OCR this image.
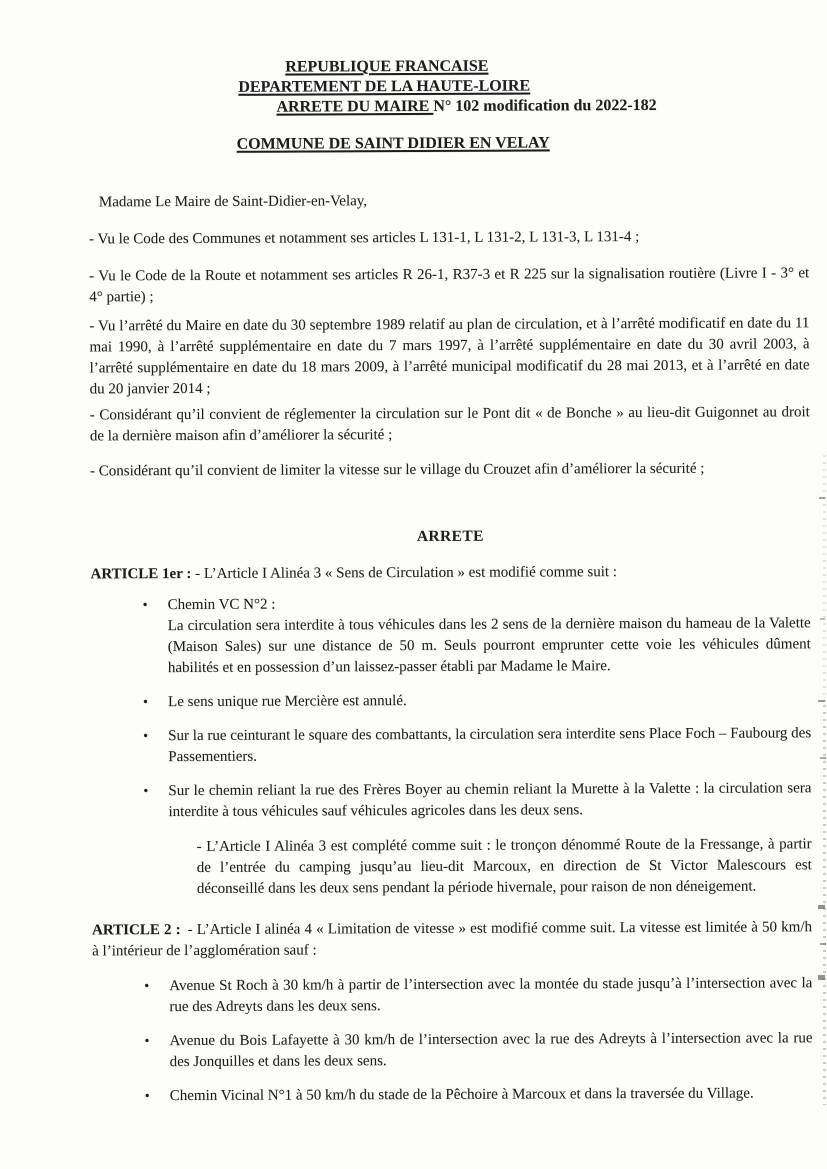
REPUBLIQUE FRANCAISE
DEPARTEMENT DE LA HAUTE-LOIRE
ARRETE DU MAIRE N° 102 modification du 2022-182
COMMUNE DE SAINT DIDIER EN VELAY

Madame Le Maire de Saint-Didier-en-Velay,

- Vu le Code des Communes et notamment ses articles L 131-1, L 131-2, L 131-3, L 131-4 ;

- Vu le Code de la Route et notamment ses articles R 26-1, R37-3 et R 225 sur la signalisation routière (Livre I - 3° et 4° partie) ;

- Vu l’arrêté du Maire en date du 30 septembre 1989 relatif au plan de circulation, et à l’arrêté modificatif en date du 11 mai 1990, à l’arrêté supplémentaire en date du 7 mars 1997, à l’arrêté supplémentaire en date du 30 avril 2003, à l’arrêté supplémentaire en date du 18 mars 2009, à l’arrêté municipal modificatif du 28 mai 2013, et à l’arrêté en date du 20 janvier 2014 ;

- Considérant qu’il convient de réglementer la circulation sur le Pont dit « de Bonche » au lieu-dit Guigonnet au droit de la dernière maison afin d’améliorer la sécurité ;

- Considérant qu’il convient de limiter la vitesse sur le village du Crouzet afin d’améliorer la sécurité ;

ARRETE

ARTICLE 1er : - L’Article I Alinéa 3 « Sens de Circulation » est modifié comme suit :

•
Chemin VC N°2 :
La circulation sera interdite à tous véhicules dans les 2 sens de la dernière maison du hameau de la Valette (Maison Sales) sur une distance de 50 m. Seuls pourront emprunter cette voie les véhicules dûment habilités et en possession d’un laissez-passer établi par Madame le Maire.
•
Le sens unique rue Mercière est annulé.
•
Sur la rue ceinturant le square des combattants, la circulation sera interdite sens Place Foch – Faubourg des Passementiers.
•
Sur le chemin reliant la rue des Frères Boyer au chemin reliant la Murette à la Valette : la circulation sera interdite à tous véhicules sauf véhicules agricoles dans les deux sens.

- L’Article I Alinéa 3 est complété comme suit : le tronçon dénommé Route de la Fressange, à partir de l’entrée du camping jusqu’au lieu-dit Marcoux, en direction de St Victor Malescours est déconseillé dans les deux sens pendant la période hivernale, pour raison de non déneigement.

ARTICLE 2 : - L’Article I alinéa 4 « Limitation de vitesse » est modifié comme suit. La vitesse est limitée à 50 km/h à l’intérieur de l’agglomération sauf :

•
Avenue St Roch à 30 km/h à partir de l’intersection avec la montée du stade jusqu’à l’intersection avec la rue des Adreyts dans les deux sens.
•
Avenue du Bois Lafayette à 30 km/h de l’intersection avec la rue des Adreyts à l’intersection avec la rue des Jonquilles et dans les deux sens.
•
Chemin Vicinal N°1 à 50 km/h du stade de la Pêchoire à Marcoux et dans la traversée du Village.
